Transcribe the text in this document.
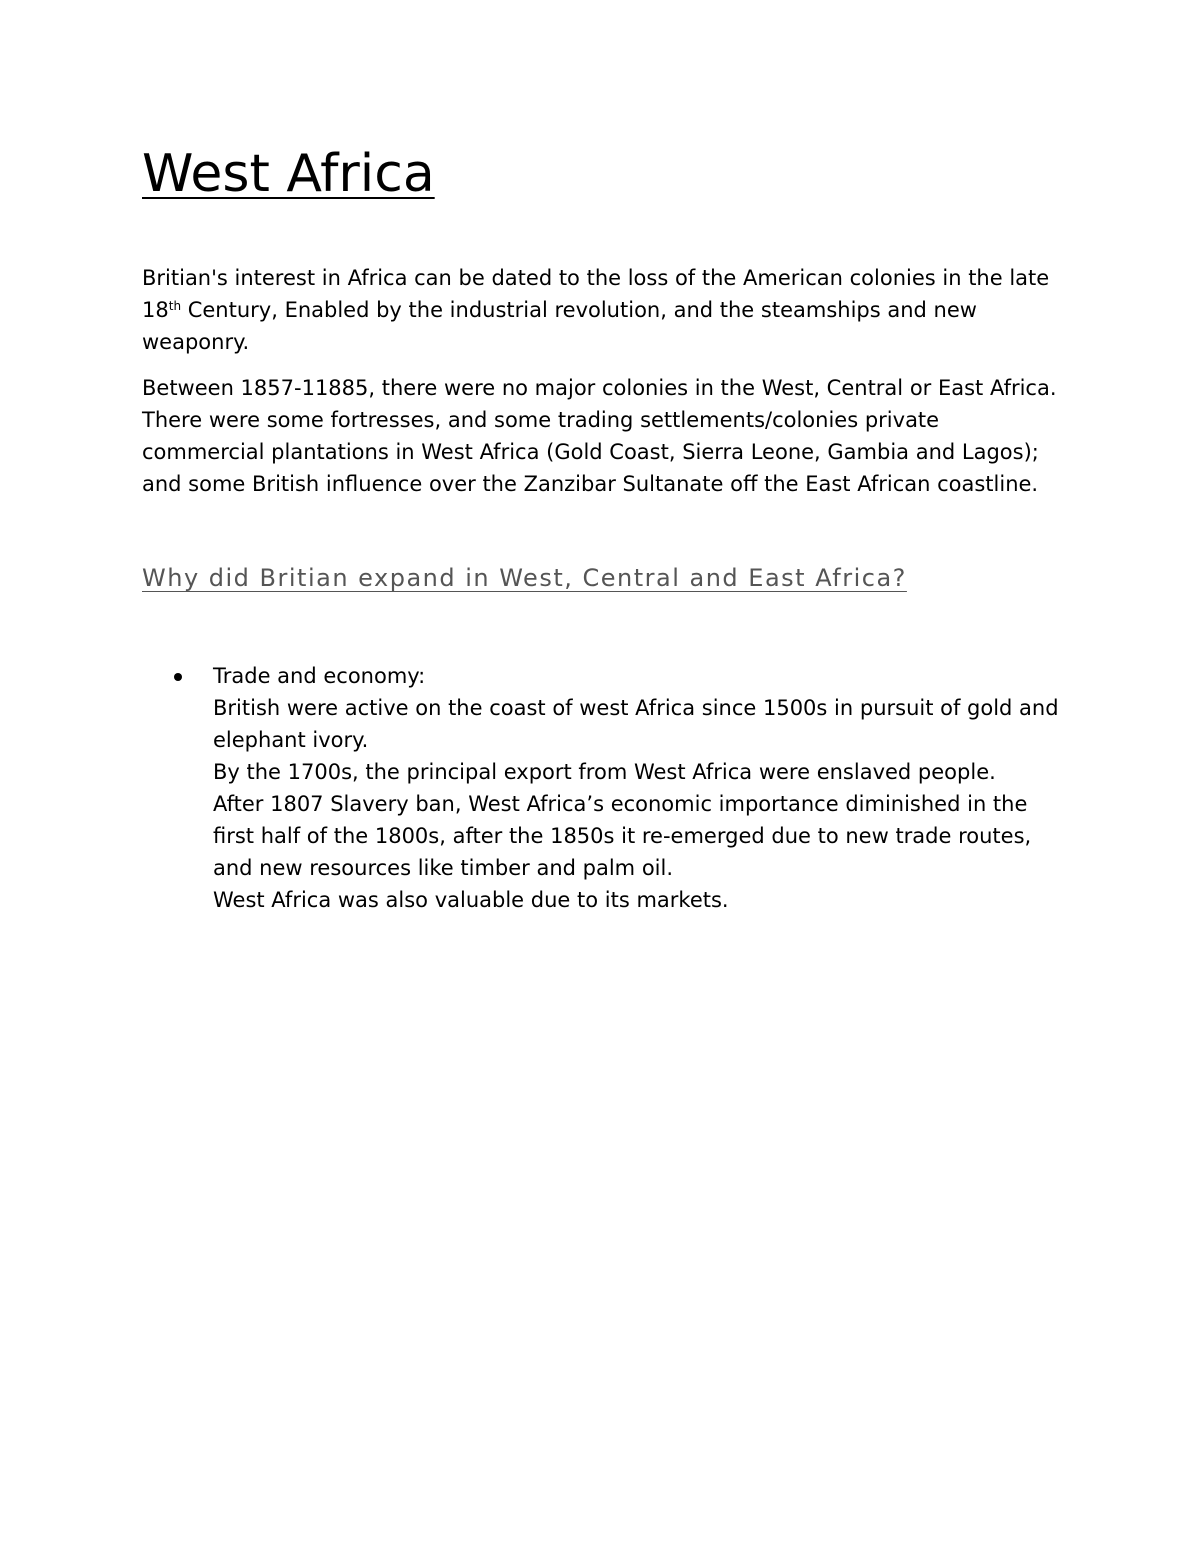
West Africa

Britian's interest in Africa can be dated to the loss of the American colonies in the late 18th Century, Enabled by the industrial revolution, and the steamships and new weaponry.

Between 1857-11885, there were no major colonies in the West, Central or East Africa. There were some fortresses, and some trading settlements/colonies private commercial plantations in West Africa (Gold Coast, Sierra Leone, Gambia and Lagos); and some British influence over the Zanzibar Sultanate off the East African coastline.

Why did Britian expand in West, Central and East Africa?
Trade and economy:
British were active on the coast of west Africa since 1500s in pursuit of gold and elephant ivory.
By the 1700s, the principal export from West Africa were enslaved people.
After 1807 Slavery ban, West Africa’s economic importance diminished in the first half of the 1800s, after the 1850s it re-emerged due to new trade routes, and new resources like timber and palm oil.
West Africa was also valuable due to its markets.
